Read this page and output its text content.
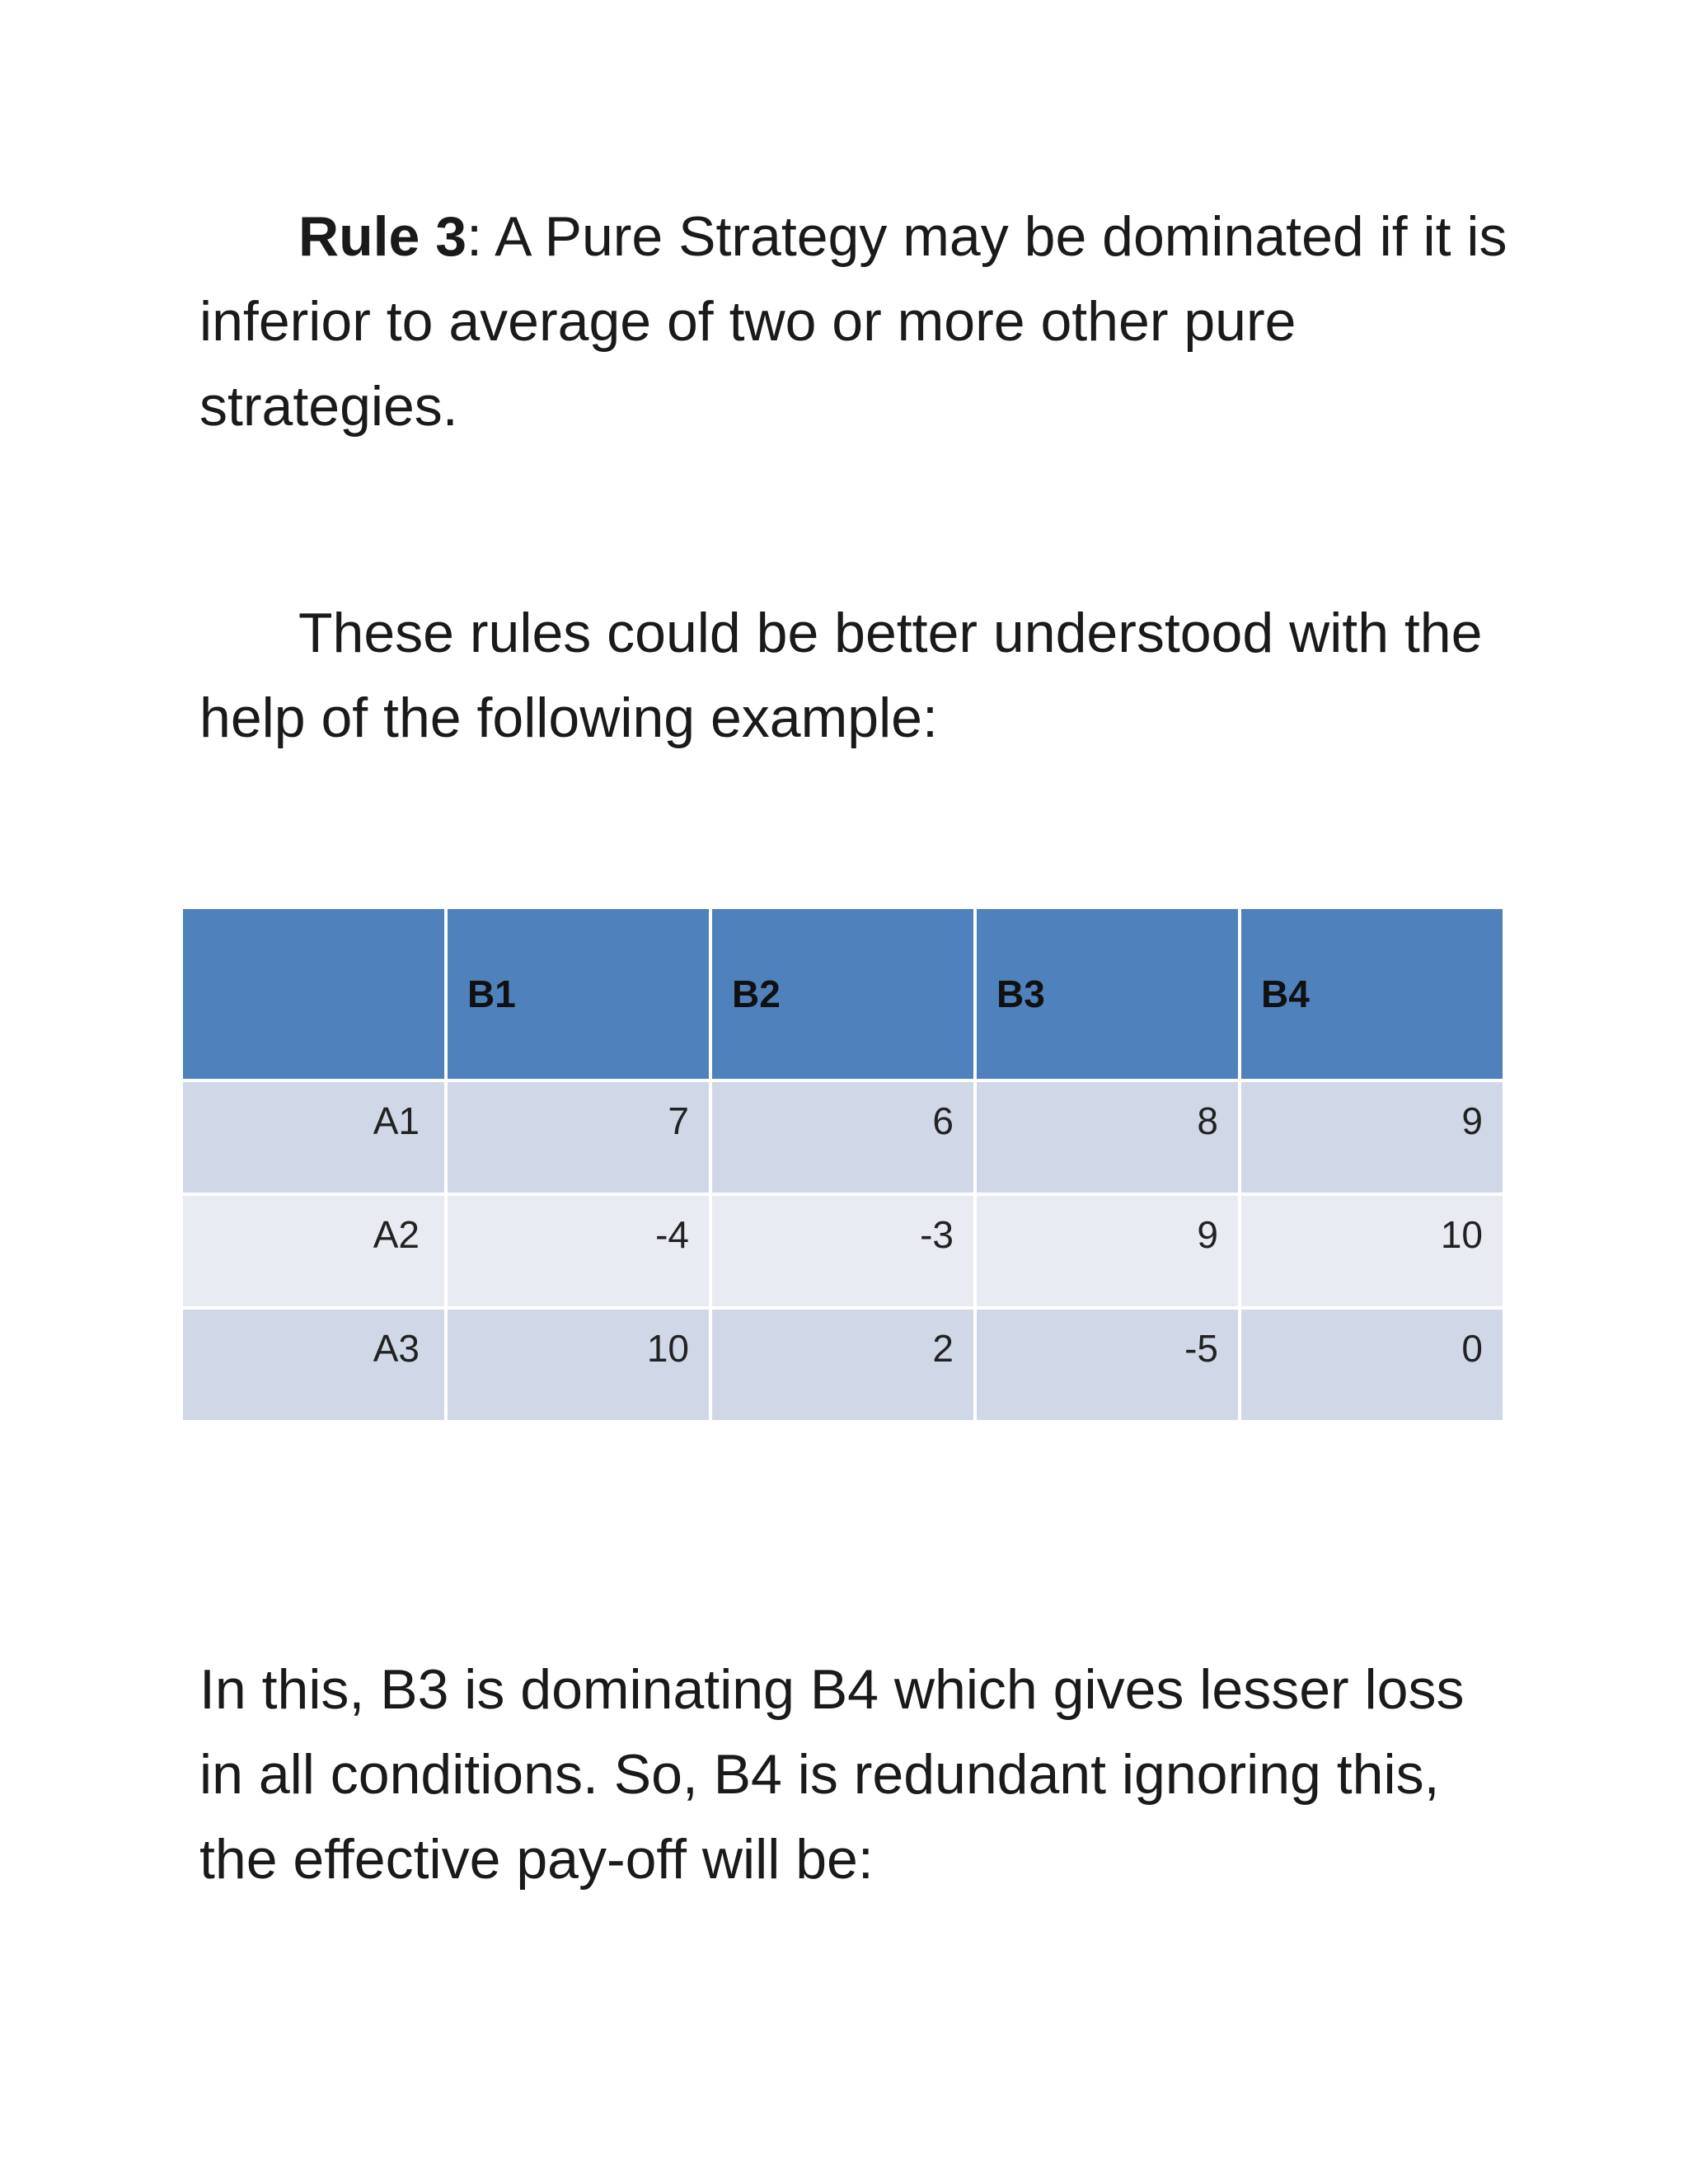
Rule 3: A Pure Strategy may be dominated if it is inferior to average of two or more other pure strategies.

These rules could be better understood with the help of the following example:

	B1	B2	B3	B4
A1	7	6	8	9
A2	-4	-3	9	10
A3	10	2	-5	0

In this, B3 is dominating B4 which gives lesser loss in all conditions. So, B4 is redundant ignoring this, the effective pay-off will be:
